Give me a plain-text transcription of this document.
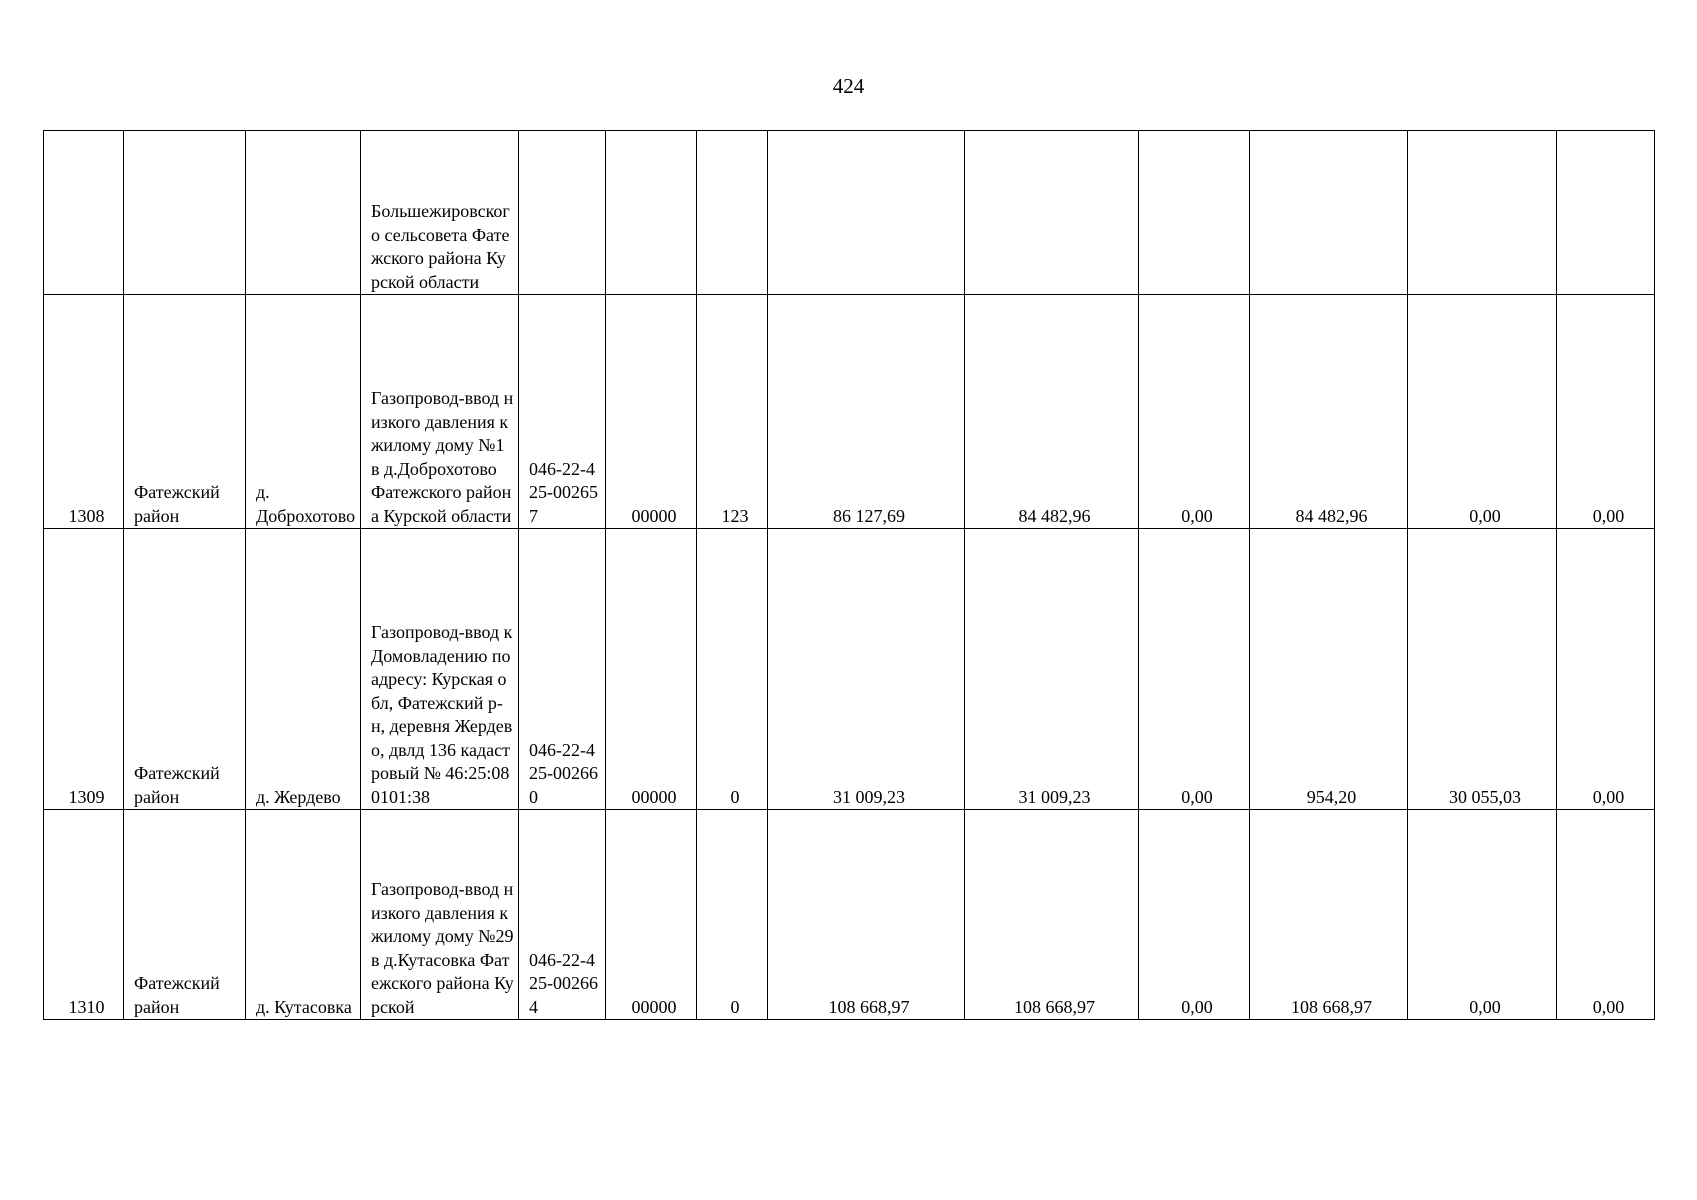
424
			Большежировского сельсовета Фатежского района Курской области									
1308	Фатежский район	д. Доброхотово	Газопровод-ввод низкого давления к жилому дому №1 в д.Доброхотово Фатежского района Курской области	046-22-425-002657	00000	123	86 127,69	84 482,96	0,00	84 482,96	0,00	0,00
1309	Фатежский район	д. Жердево	Газопровод-ввод к Домовладению по адресу: Курская обл, Фатежский р-н, деревня Жердево, двлд 136 кадастровый № 46:25:080101:38	046-22-425-002660	00000	0	31 009,23	31 009,23	0,00	954,20	30 055,03	0,00
1310	Фатежский район	д. Кутасовка	Газопровод-ввод низкого давления к жилому дому №29 в д.Кутасовка Фатежского района Курской	046-22-425-002664	00000	0	108 668,97	108 668,97	0,00	108 668,97	0,00	0,00
